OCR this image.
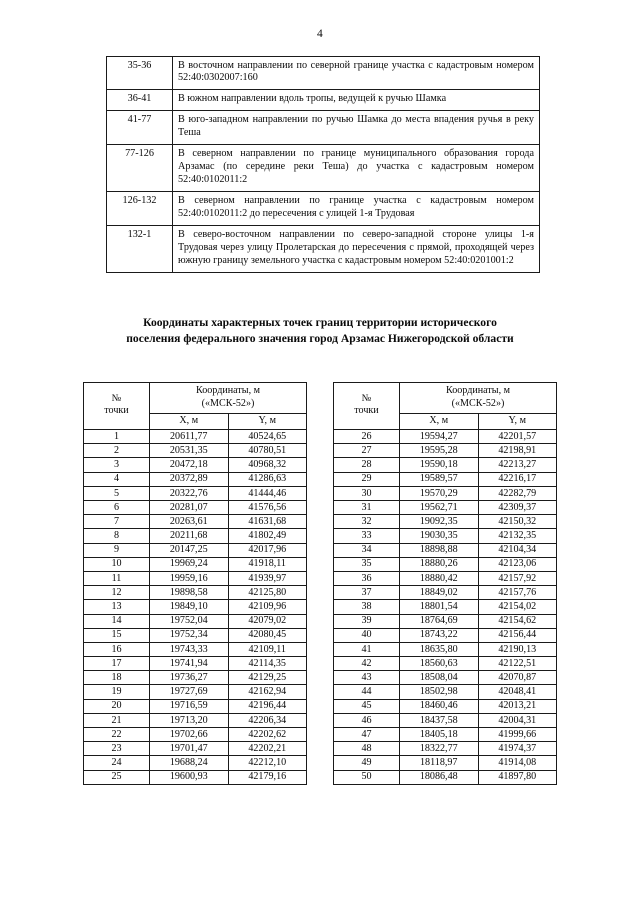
4
35-36	В восточном направлении по северной границе участка с кадастровым номером 52:40:0302007:160
36-41	В южном направлении вдоль тропы, ведущей к ручью Шамка
41-77	В юго-западном направлении по ручью Шамка до места впадения ручья в реку Теша
77-126	В северном направлении по границе муниципального образования города Арзамас (по середине реки Теша) до участка с кадастровым номером 52:40:0102011:2
126-132	В северном направлении по границе участка с кадастровым номером 52:40:0102011:2 до пересечения с улицей 1-я Трудовая
132-1	В северо-восточном направлении по северо-западной стороне улицы 1-я Трудовая через улицу Пролетарская до пересечения с прямой, проходящей через южную границу земельного участка с кадастровым номером 52:40:0201001:2
Координаты характерных точек границ территории исторического
поселения федерального значения город Арзамас Нижегородской области
№
точки	Координаты, м
(«МСК-52»)	
	X, м	Y, м
1	20611,77	40524,65
2	20531,35	40780,51
3	20472,18	40968,32
4	20372,89	41286,63
5	20322,76	41444,46
6	20281,07	41576,56
7	20263,61	41631,68
8	20211,68	41802,49
9	20147,25	42017,96
10	19969,24	41918,11
11	19959,16	41939,97
12	19898,58	42125,80
13	19849,10	42109,96
14	19752,04	42079,02
15	19752,34	42080,45
16	19743,33	42109,11
17	19741,94	42114,35
18	19736,27	42129,25
19	19727,69	42162,94
20	19716,59	42196,44
21	19713,20	42206,34
22	19702,66	42202,62
23	19701,47	42202,21
24	19688,24	42212,10
25	19600,93	42179,16
№
точки	Координаты, м
(«МСК-52»)	
	X, м	Y, м
26	19594,27	42201,57
27	19595,28	42198,91
28	19590,18	42213,27
29	19589,57	42216,17
30	19570,29	42282,79
31	19562,71	42309,37
32	19092,35	42150,32
33	19030,35	42132,35
34	18898,88	42104,34
35	18880,26	42123,06
36	18880,42	42157,92
37	18849,02	42157,76
38	18801,54	42154,02
39	18764,69	42154,62
40	18743,22	42156,44
41	18635,80	42190,13
42	18560,63	42122,51
43	18508,04	42070,87
44	18502,98	42048,41
45	18460,46	42013,21
46	18437,58	42004,31
47	18405,18	41999,66
48	18322,77	41974,37
49	18118,97	41914,08
50	18086,48	41897,80
